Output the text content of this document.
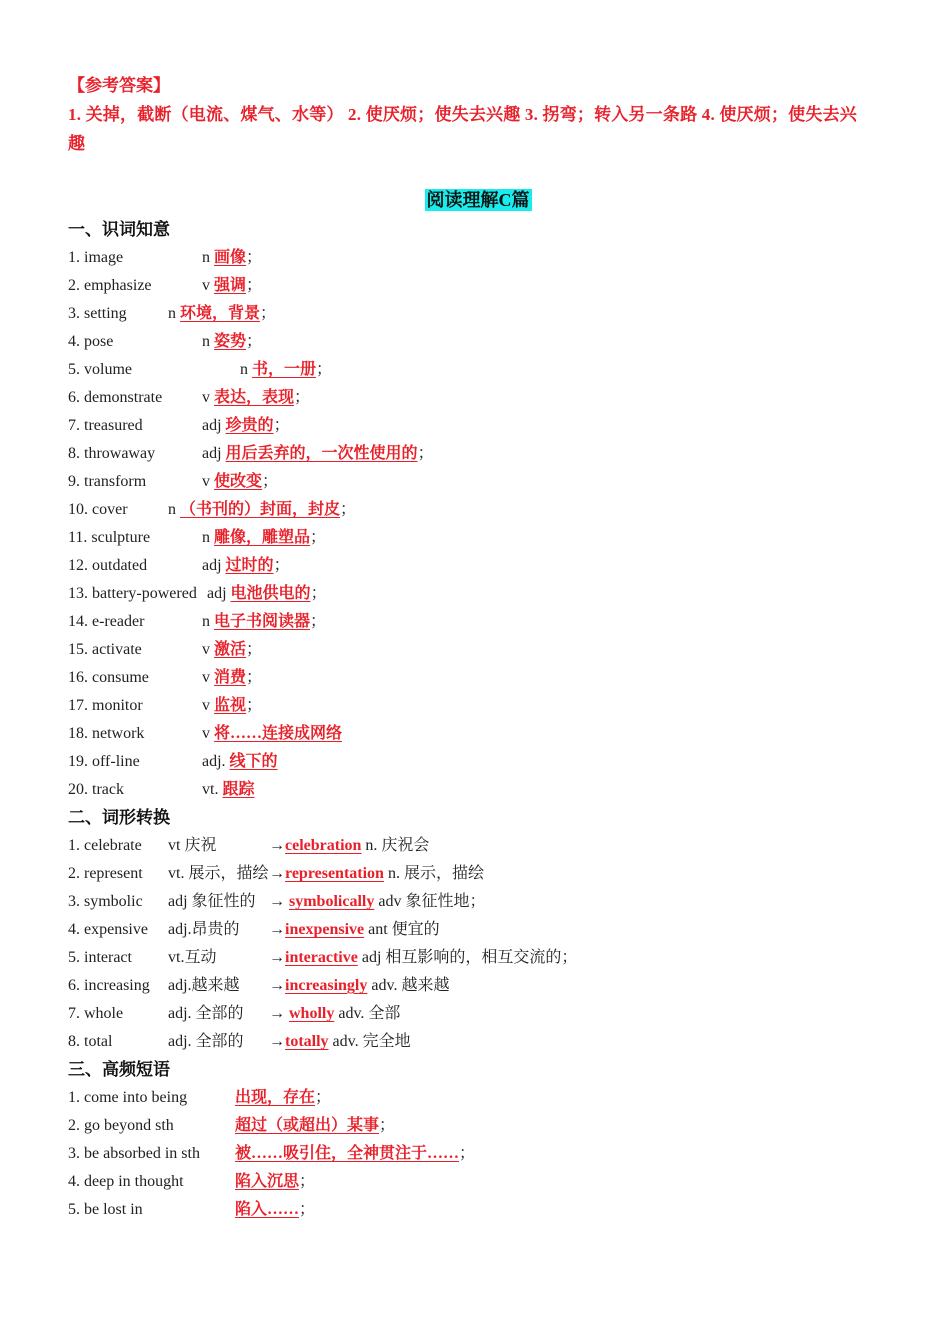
【参考答案】
1. 关掉，截断（电流、煤气、水等） 2. 使厌烦；使失去兴趣 3. 拐弯；转入另一条路 4. 使厌烦；使失去兴
趣
阅读理解C篇
一、识词知意
1. image	n 画像；
2. emphasize	v 强调；
3. setting	n 环境，背景；
4. pose	n 姿势；
5. volume	n 书，一册；
6. demonstrate v 表达，表现；
7. treasured	adj 珍贵的；
8. throwaway	adj 用后丢弃的，一次性使用的；
9. transform	v 使改变；
10. cover	n （书刊的）封面，封皮；
11. sculpture	n 雕像，雕塑品；
12. outdated	adj 过时的；
13. battery-powered adj 电池供电的；
14. e-reader	n 电子书阅读器；
15. activate	v 激活；
16. consume	v 消费；
17. monitor	v 监视；
18. network	v 将……连接成网络
19. off-line	adj. 线下的
20. track	vt. 跟踪
二、词形转换
1. celebrate vt 庆祝	→celebration n. 庆祝会
2. represent vt. 展示，描绘 →representation n. 展示，描绘
3. symbolic adj 象征性的 → symbolically adv 象征性地；
4. expensive adj.昂贵的 →inexpensive ant 便宜的
5. interact vt.互动	→interactive adj 相互影响的，相互交流的；
6. increasing adj.越来越 →increasingly adv. 越来越
7. whole	adj. 全部的 → wholly adv. 全部
8. total	adj. 全部的 →totally adv. 完全地
三、高频短语
1. come into being	出现，存在；
2. go beyond sth	超过（或超出）某事；
3. be absorbed in sth 被……吸引住，全神贯注于……；
4. deep in thought	陷入沉思；
5. be lost in	陷入……；
